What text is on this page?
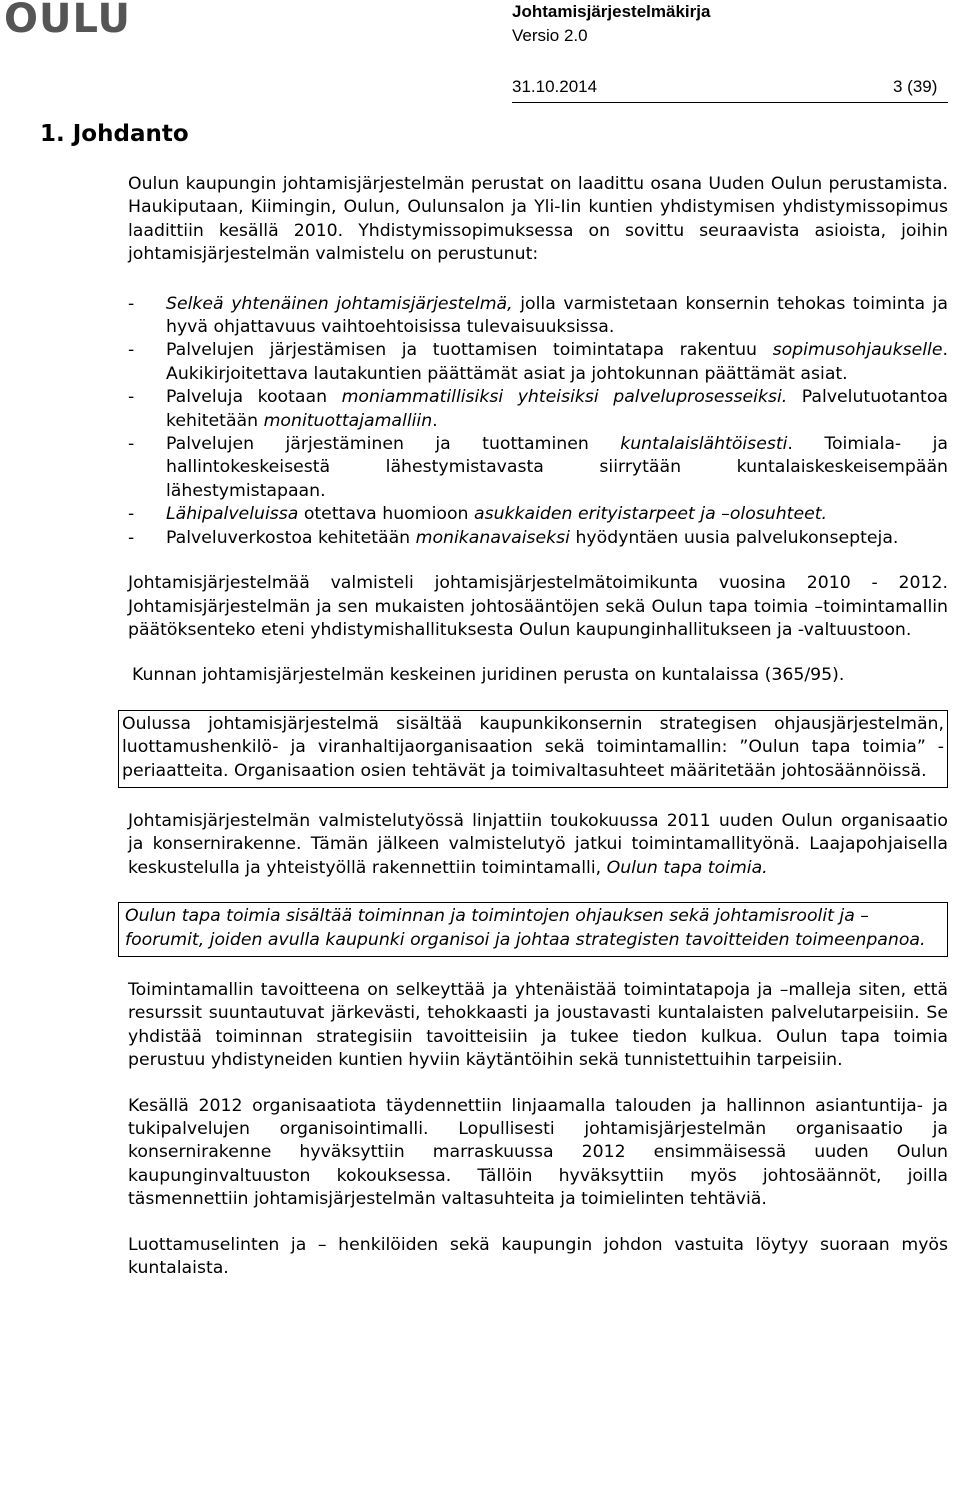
OULU	Johtamisjärjestelmäkirja
Versio 2.0
31.10.2014	3 (39)
1. Johdanto

Oulun kaupungin johtamisjärjestelmän perustat on laadittu osana Uuden Oulun perustamista. Haukiputaan, Kiimingin, Oulun, Oulunsalon ja Yli-Iin kuntien yhdistymisen yhdistymissopimus laadittiin kesällä 2010. Yhdistymissopimuksessa on sovittu seuraavista asioista, joihin johtamisjärjestelmän valmistelu on perustunut:

- Selkeä yhtenäinen johtamisjärjestelmä, jolla varmistetaan konsernin tehokas toiminta ja hyvä ohjattavuus vaihtoehtoisissa tulevaisuuksissa.
- Palvelujen järjestämisen ja tuottamisen toimintatapa rakentuu sopimusohjaukselle. Aukikirjoitettava lautakuntien päättämät asiat ja johtokunnan päättämät asiat.
- Palveluja kootaan moniammatillisiksi yhteisiksi palveluprosesseiksi. Palvelutuotantoa kehitetään monituottajamalliin.
- Palvelujen järjestäminen ja tuottaminen kuntalaislähtöisesti. Toimiala- ja hallintokeskeisestä lähestymistavasta siirrytään kuntalaiskeskeisempään lähestymistapaan.
- Lähipalveluissa otettava huomioon asukkaiden erityistarpeet ja –olosuhteet.
- Palveluverkostoa kehitetään monikanavaiseksi hyödyntäen uusia palvelukonsepteja.

Johtamisjärjestelmää valmisteli johtamisjärjestelmätoimikunta vuosina 2010 - 2012. Johtamisjärjestelmän ja sen mukaisten johtosääntöjen sekä Oulun tapa toimia –toimintamallin päätöksenteko eteni yhdistymishallituksesta Oulun kaupunginhallitukseen ja -valtuustoon.

Kunnan johtamisjärjestelmän keskeinen juridinen perusta on kuntalaissa (365/95).

Oulussa johtamisjärjestelmä sisältää kaupunkikonsernin strategisen ohjausjärjestelmän, luottamushenkilö- ja viranhaltijaorganisaation sekä toimintamallin: ”Oulun tapa toimia” -periaatteita. Organisaation osien tehtävät ja toimivaltasuhteet määritetään johtosäännöissä.

Johtamisjärjestelmän valmistelutyössä linjattiin toukokuussa 2011 uuden Oulun organisaatio ja konsernirakenne. Tämän jälkeen valmistelutyö jatkui toimintamallityönä. Laajapohjaisella keskustelulla ja yhteistyöllä rakennettiin toimintamalli, Oulun tapa toimia.

Oulun tapa toimia sisältää toiminnan ja toimintojen ohjauksen sekä johtamisroolit ja –foorumit, joiden avulla kaupunki organisoi ja johtaa strategisten tavoitteiden toimeenpanoa.

Toimintamallin tavoitteena on selkeyttää ja yhtenäistää toimintatapoja ja –malleja siten, että resurssit suuntautuvat järkevästi, tehokkaasti ja joustavasti kuntalaisten palvelutarpeisiin. Se yhdistää toiminnan strategisiin tavoitteisiin ja tukee tiedon kulkua. Oulun tapa toimia perustuu yhdistyneiden kuntien hyviin käytäntöihin sekä tunnistettuihin tarpeisiin.

Kesällä 2012 organisaatiota täydennettiin linjaamalla talouden ja hallinnon asiantuntija- ja tukipalvelujen organisointimalli. Lopullisesti johtamisjärjestelmän organisaatio ja konsernirakenne hyväksyttiin marraskuussa 2012 ensimmäisessä uuden Oulun kaupunginvaltuuston kokouksessa. Tällöin hyväksyttiin myös johtosäännöt, joilla täsmennettiin johtamisjärjestelmän valtasuhteita ja toimielinten tehtäviä.

Luottamuselinten ja – henkilöiden sekä kaupungin johdon vastuita löytyy suoraan myös kuntalaista.
